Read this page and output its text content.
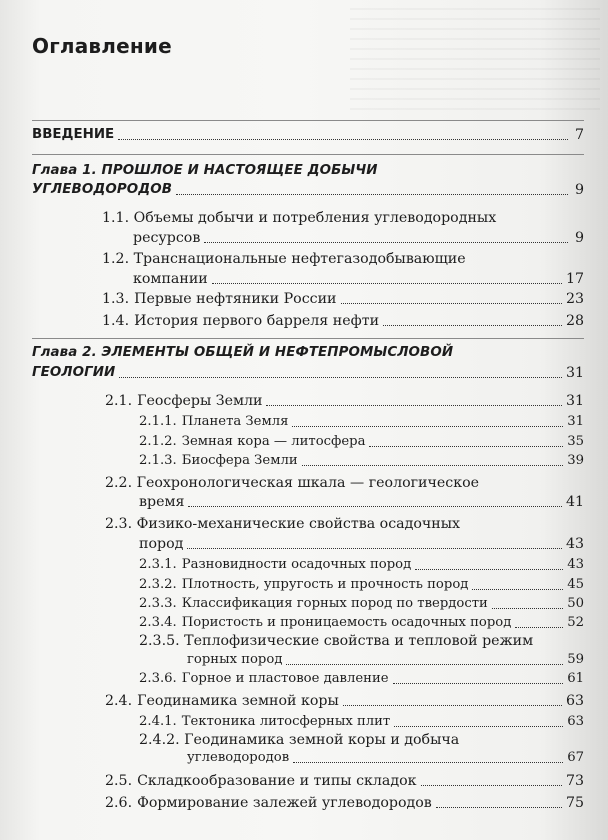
Оглавление
ВВЕДЕНИЕ	7
Глава 1. ПРОШЛОЕ И НАСТОЯЩЕЕ ДОБЫЧИ
УГЛЕВОДОРОДОВ	9
1.1. Объемы добычи и потребления углеводородных
ресурсов	9
1.2. Транснациональные нефтегазодобывающие
компании	17
1.3. Первые нефтяники России	23
1.4. История первого барреля нефти	28
Глава 2. ЭЛЕМЕНТЫ ОБЩЕЙ И НЕФТЕПРОМЫСЛОВОЙ
ГЕОЛОГИИ	31
2.1. Геосферы Земли	31
2.1.1. Планета Земля	31
2.1.2. Земная кора — литосфера	35
2.1.3. Биосфера Земли	39
2.2. Геохронологическая шкала — геологическое
время	41
2.3. Физико-механические свойства осадочных
пород	43
2.3.1. Разновидности осадочных пород	43
2.3.2. Плотность, упругость и прочность пород	45
2.3.3. Классификация горных пород по твердости	50
2.3.4. Пористость и проницаемость осадочных пород	52
2.3.5. Теплофизические свойства и тепловой режим
горных пород	59
2.3.6. Горное и пластовое давление	61
2.4. Геодинамика земной коры	63
2.4.1. Тектоника литосферных плит	63
2.4.2. Геодинамика земной коры и добыча
углеводородов	67
2.5. Складкообразование и типы складок	73
2.6. Формирование залежей углеводородов	75
